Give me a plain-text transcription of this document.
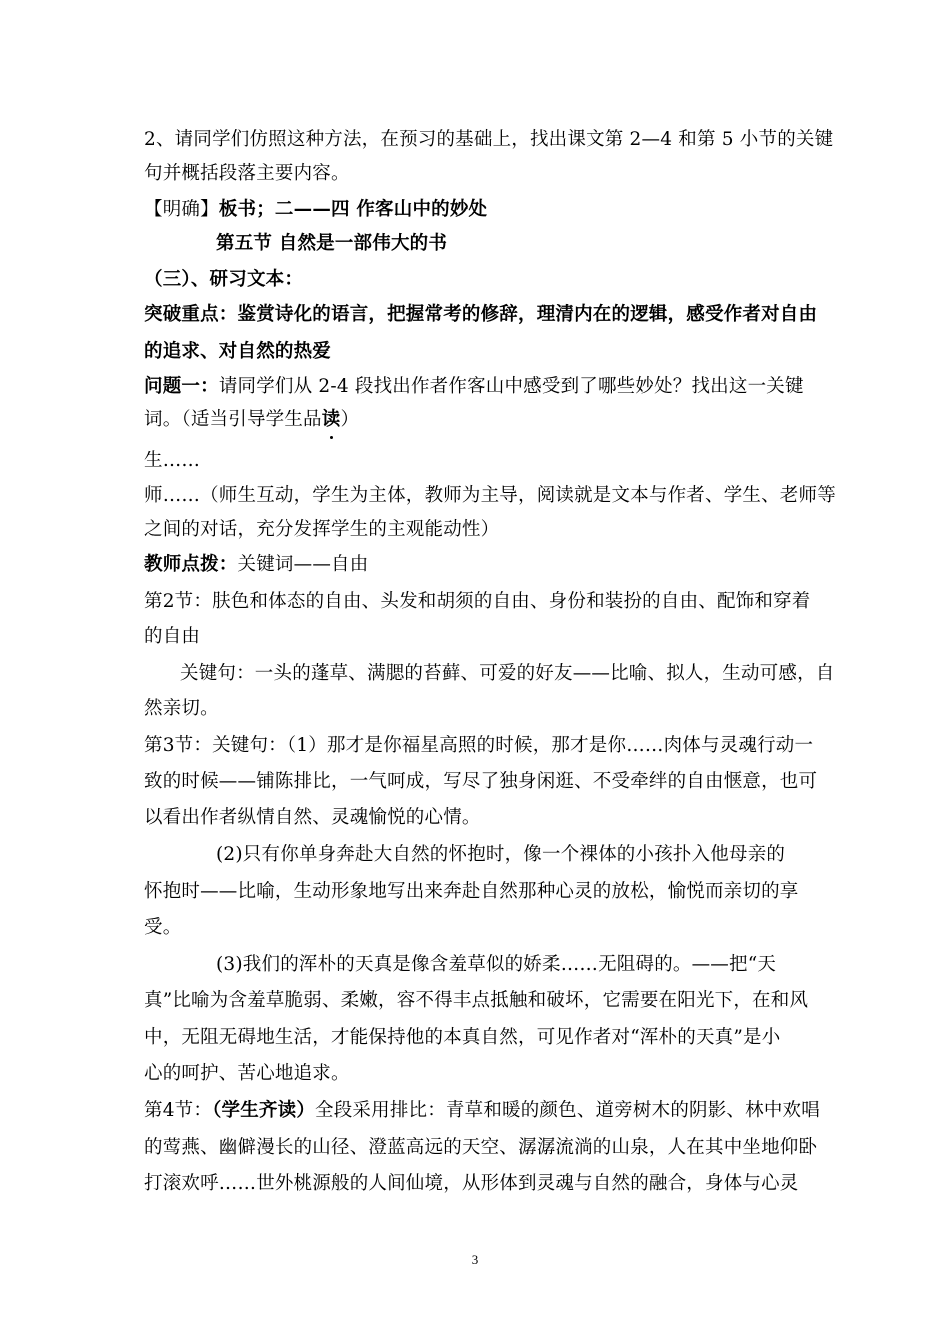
2、请同学们仿照这种方法，在预习的基础上，找出课文第 2—4 和第 5 小节的关键
句并概括段落主要内容。
【明确】板书；二——四 作客山中的妙处
第五节 自然是一部伟大的书
（三）、研习文本：
突破重点：鉴赏诗化的语言，把握常考的修辞，理清内在的逻辑，感受作者对自由
的追求、对自然的热爱
问题一：请同学们从 2-4 段找出作者作客山中感受到了哪些妙处？找出这一关键
词。（适当引导学生品读）
生……
师……（师生互动，学生为主体，教师为主导，阅读就是文本与作者、学生、老师等
之间的对话，充分发挥学生的主观能动性）
教师点拨：关键词——自由
第2节：肤色和体态的自由、头发和胡须的自由、身份和装扮的自由、配饰和穿着
的自由
关键句：一头的蓬草、满腮的苔藓、可爱的好友——比喻、拟人，生动可感，自
然亲切。
第3节：关键句：（1）那才是你福星高照的时候，那才是你……肉体与灵魂行动一
致的时候——铺陈排比，一气呵成，写尽了独身闲逛、不受牵绊的自由惬意，也可
以看出作者纵情自然、灵魂愉悦的心情。
(2)只有你单身奔赴大自然的怀抱时，像一个裸体的小孩扑入他母亲的
怀抱时——比喻，生动形象地写出来奔赴自然那种心灵的放松，愉悦而亲切的享
受。
(3)我们的浑朴的天真是像含羞草似的娇柔……无阻碍的。——把“天
真”比喻为含羞草脆弱、柔嫩，容不得丰点抵触和破坏，它需要在阳光下，在和风
中，无阻无碍地生活，才能保持他的本真自然，可见作者对“浑朴的天真”是小
心的呵护、苦心地追求。
第4节：（学生齐读）全段采用排比：青草和暖的颜色、道旁树木的阴影、林中欢唱
的莺燕、幽僻漫长的山径、澄蓝高远的天空、潺潺流淌的山泉，人在其中坐地仰卧
打滚欢呼……世外桃源般的人间仙境，从形体到灵魂与自然的融合，身体与心灵
3
